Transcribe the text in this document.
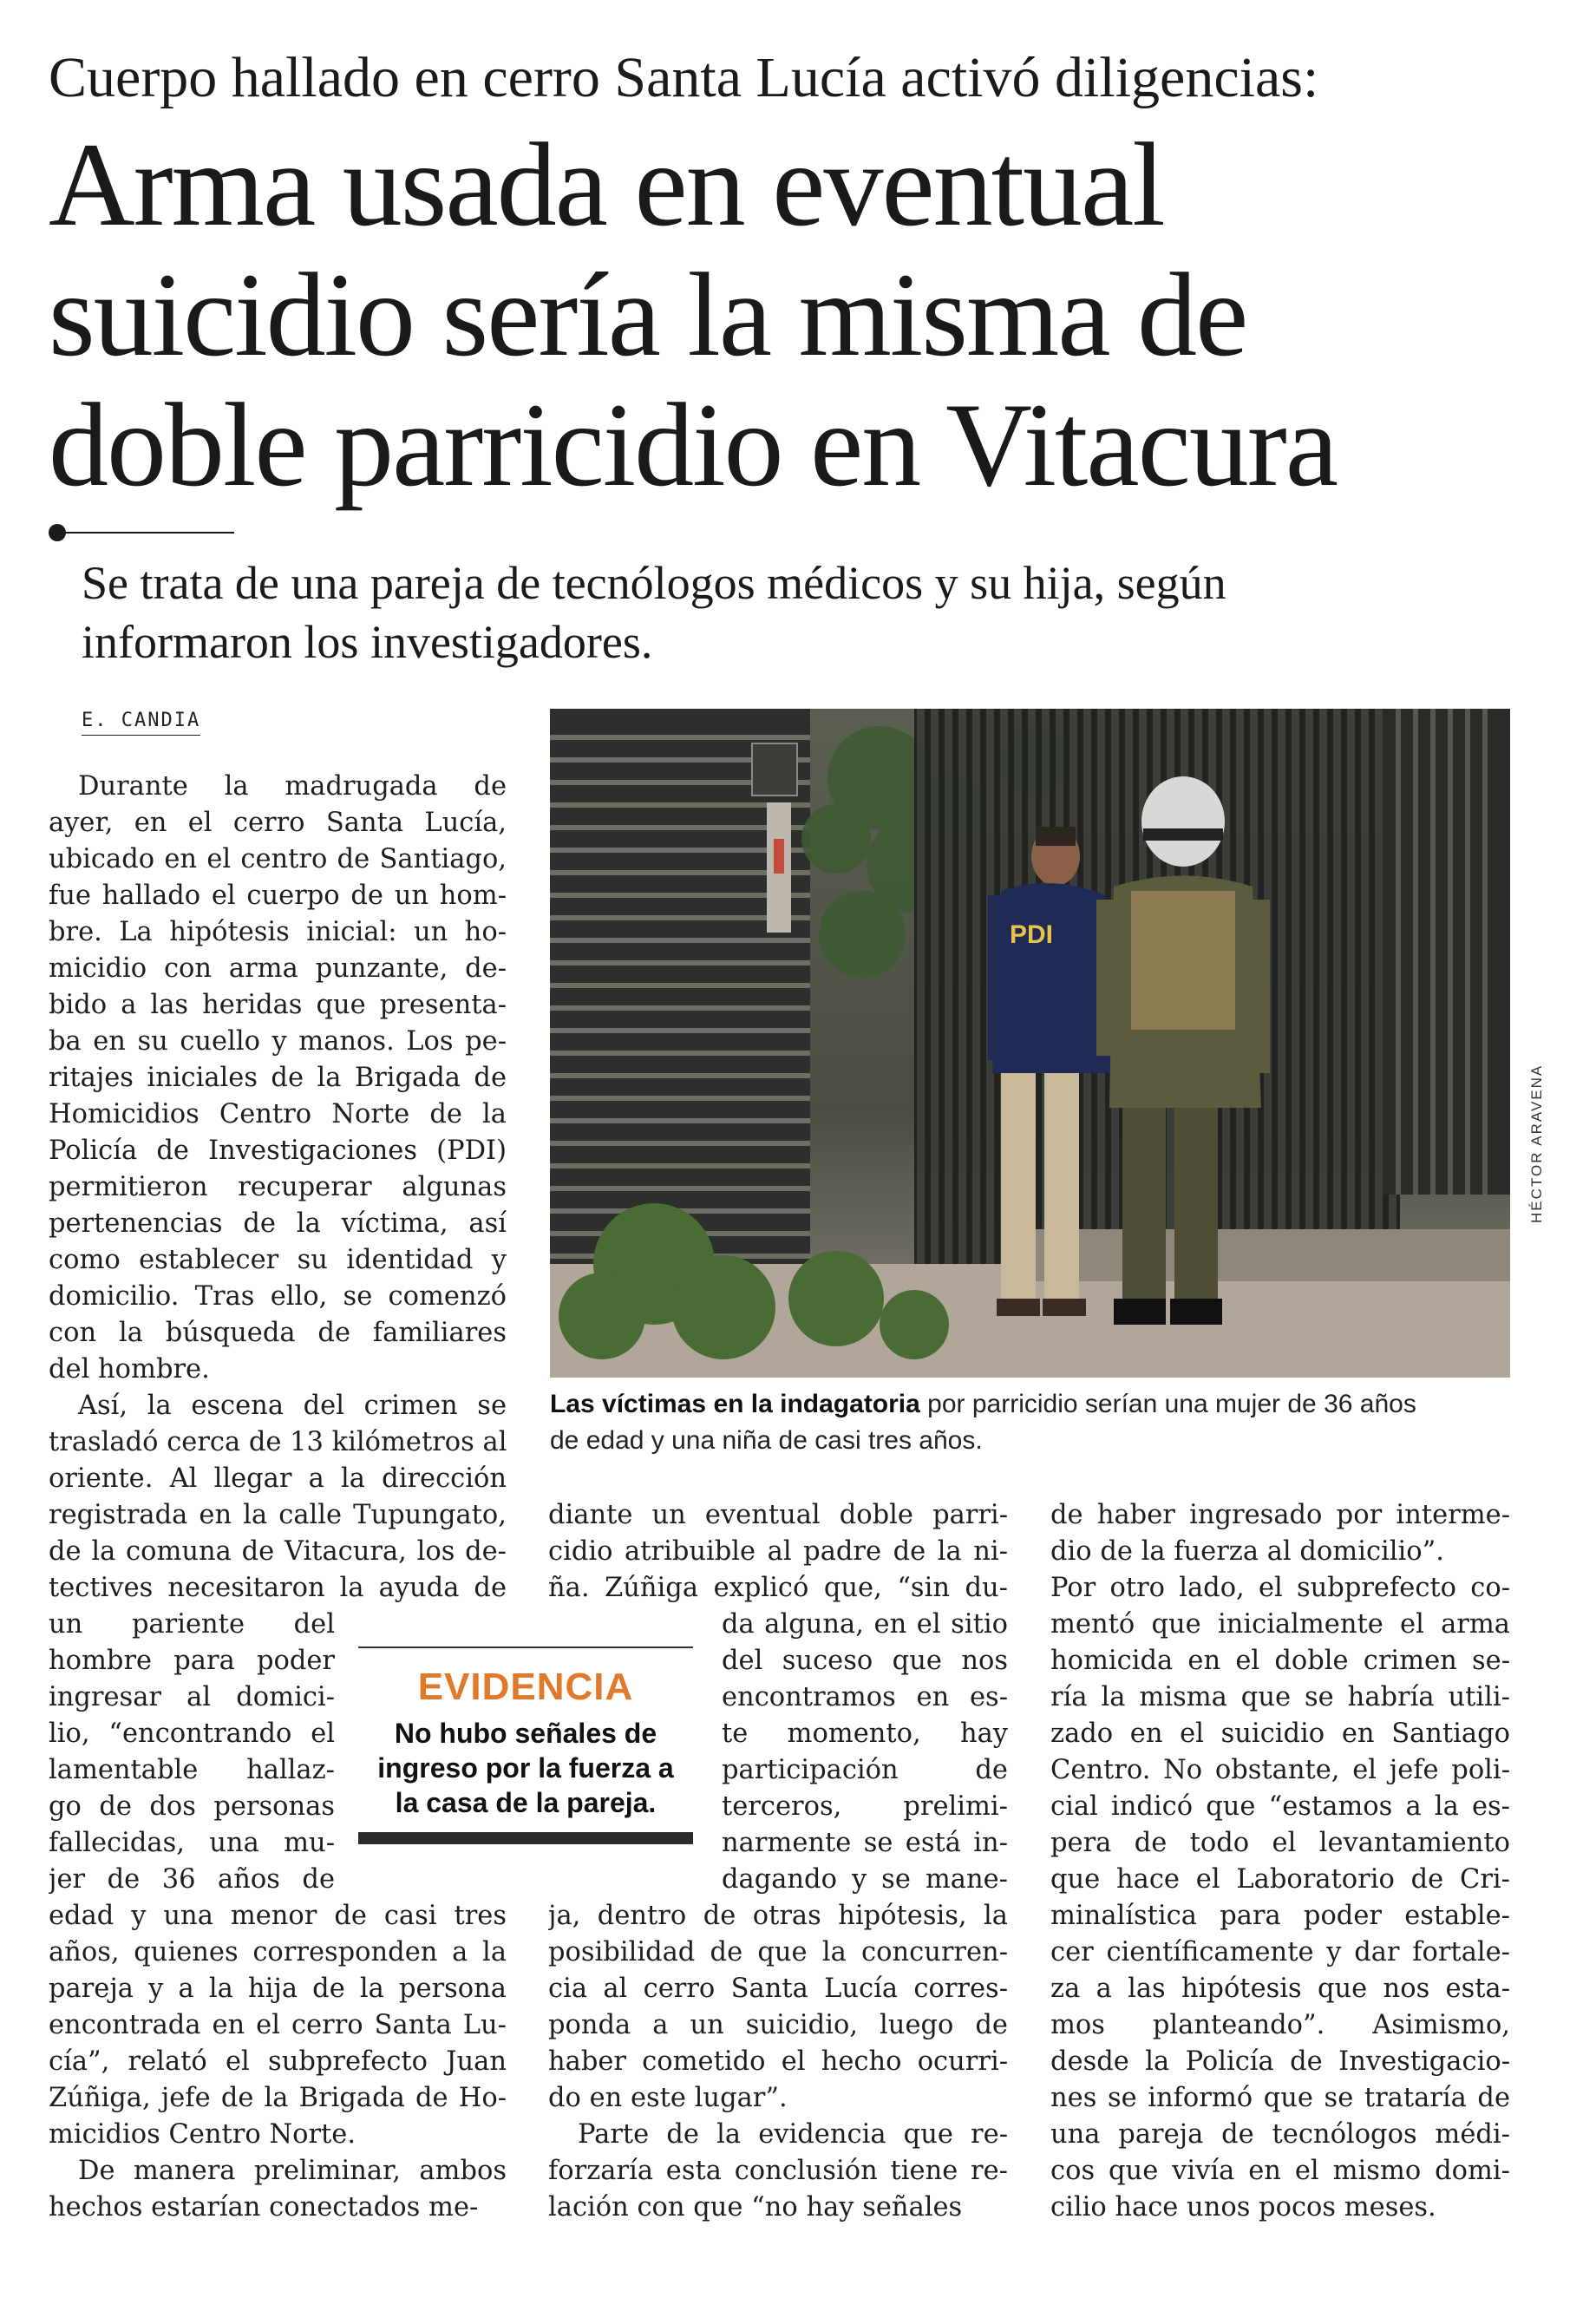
Cuerpo hallado en cerro Santa Lucía activó diligencias:
Arma usada en eventual
suicidio sería la misma de
doble parricidio en Vitacura
Se trata de una pareja de tecnólogos médicos y su hija, según
informaron los investigadores.
E. CANDIA
Durante la madrugada de
ayer, en el cerro Santa Lucía,
ubicado en el centro de Santiago,
fue hallado el cuerpo de un hom-
bre. La hipótesis inicial: un ho-
micidio con arma punzante, de-
bido a las heridas que presenta-
ba en su cuello y manos. Los pe-
ritajes iniciales de la Brigada de
Homicidios Centro Norte de la
Policía de Investigaciones (PDI)
permitieron recuperar algunas
pertenencias de la víctima, así
como establecer su identidad y
domicilio. Tras ello, se comenzó
con la búsqueda de familiares
del hombre.
Así, la escena del crimen se
trasladó cerca de 13 kilómetros al
oriente. Al llegar a la dirección
registrada en la calle Tupungato,
de la comuna de Vitacura, los de-
tectives necesitaron la ayuda de
un pariente del
hombre para poder
ingresar al domici-
lio, “encontrando el
lamentable hallaz-
go de dos personas
fallecidas, una mu-
jer de 36 años de
edad y una menor de casi tres
años, quienes corresponden a la
pareja y a la hija de la persona
encontrada en el cerro Santa Lu-
cía”, relató el subprefecto Juan
Zúñiga, jefe de la Brigada de Ho-
micidios Centro Norte.
De manera preliminar, ambos
hechos estarían conectados me-
diante un eventual doble parri-
cidio atribuible al padre de la ni-
ña. Zúñiga explicó que, “sin du-
da alguna, en el sitio
del suceso que nos
encontramos en es-
te momento, hay
participación de
terceros, prelimi-
narmente se está in-
dagando y se mane-
ja, dentro de otras hipótesis, la
posibilidad de que la concurren-
cia al cerro Santa Lucía corres-
ponda a un suicidio, luego de
haber cometido el hecho ocurri-
do en este lugar”.
Parte de la evidencia que re-
forzaría esta conclusión tiene re-
lación con que “no hay señales
de haber ingresado por interme-
dio de la fuerza al domicilio”.
Por otro lado, el subprefecto co-
mentó que inicialmente el arma
homicida en el doble crimen se-
ría la misma que se habría utili-
zado en el suicidio en Santiago
Centro. No obstante, el jefe poli-
cial indicó que “estamos a la es-
pera de todo el levantamiento
que hace el Laboratorio de Cri-
minalística para poder estable-
cer científicamente y dar fortale-
za a las hipótesis que nos esta-
mos planteando”. Asimismo,
desde la Policía de Investigacio-
nes se informó que se trataría de
una pareja de tecnólogos médi-
cos que vivía en el mismo domi-
cilio hace unos pocos meses.
PDI
HÉCTOR ARAVENA
Las víctimas en la indagatoria por parricidio serían una mujer de 36 años
de edad y una niña de casi tres años.
EVIDENCIA
No hubo señales de
ingreso por la fuerza a
la casa de la pareja.
